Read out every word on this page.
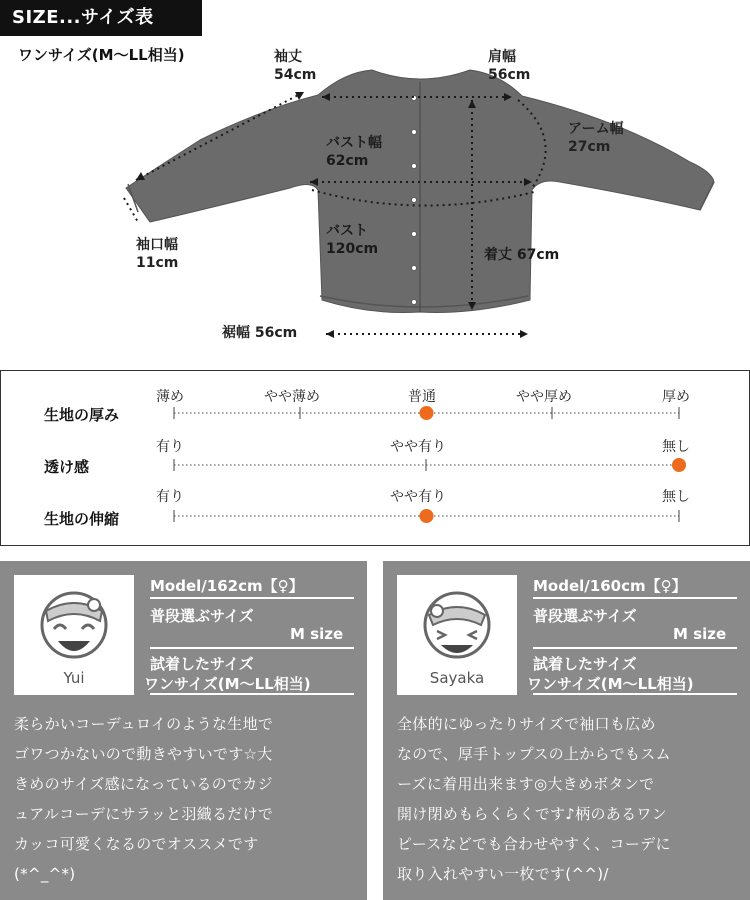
SIZE...サイズ表
ワンサイズ(M〜LL相当)	袖丈
54cm
肩幅
56cm
アーム幅
27cm
バスト幅
62cm
バスト
120cm	着丈 67cm
袖口幅
11cm
裾幅 56cm
生地の厚み
薄め	やや薄め	普通	やや厚め	厚め
透け感
有り	やや有り	無し
生地の伸縮
有り	やや有り	無し
Yui
Model/162cm【♀】
普段選ぶサイズ
M size
試着したサイズ
ワンサイズ(M〜LL相当)
柔らかいコーデュロイのような生地で
ゴワつかないので動きやすいです☆大
きめのサイズ感になっているのでカジ
ュアルコーデにサラッと羽織るだけで
カッコ可愛くなるのでオススメです
(*^_^*)
Sayaka
Model/160cm【♀】
普段選ぶサイズ
M size
試着したサイズ
ワンサイズ(M〜LL相当)
全体的にゆったりサイズで袖口も広め
なので、厚手トップスの上からでもスム
ーズに着用出来ます◎大きめボタンで
開け閉めもらくらくです♪柄のあるワン
ピースなどでも合わせやすく、コーデに
取り入れやすい一枚です(^^)/
